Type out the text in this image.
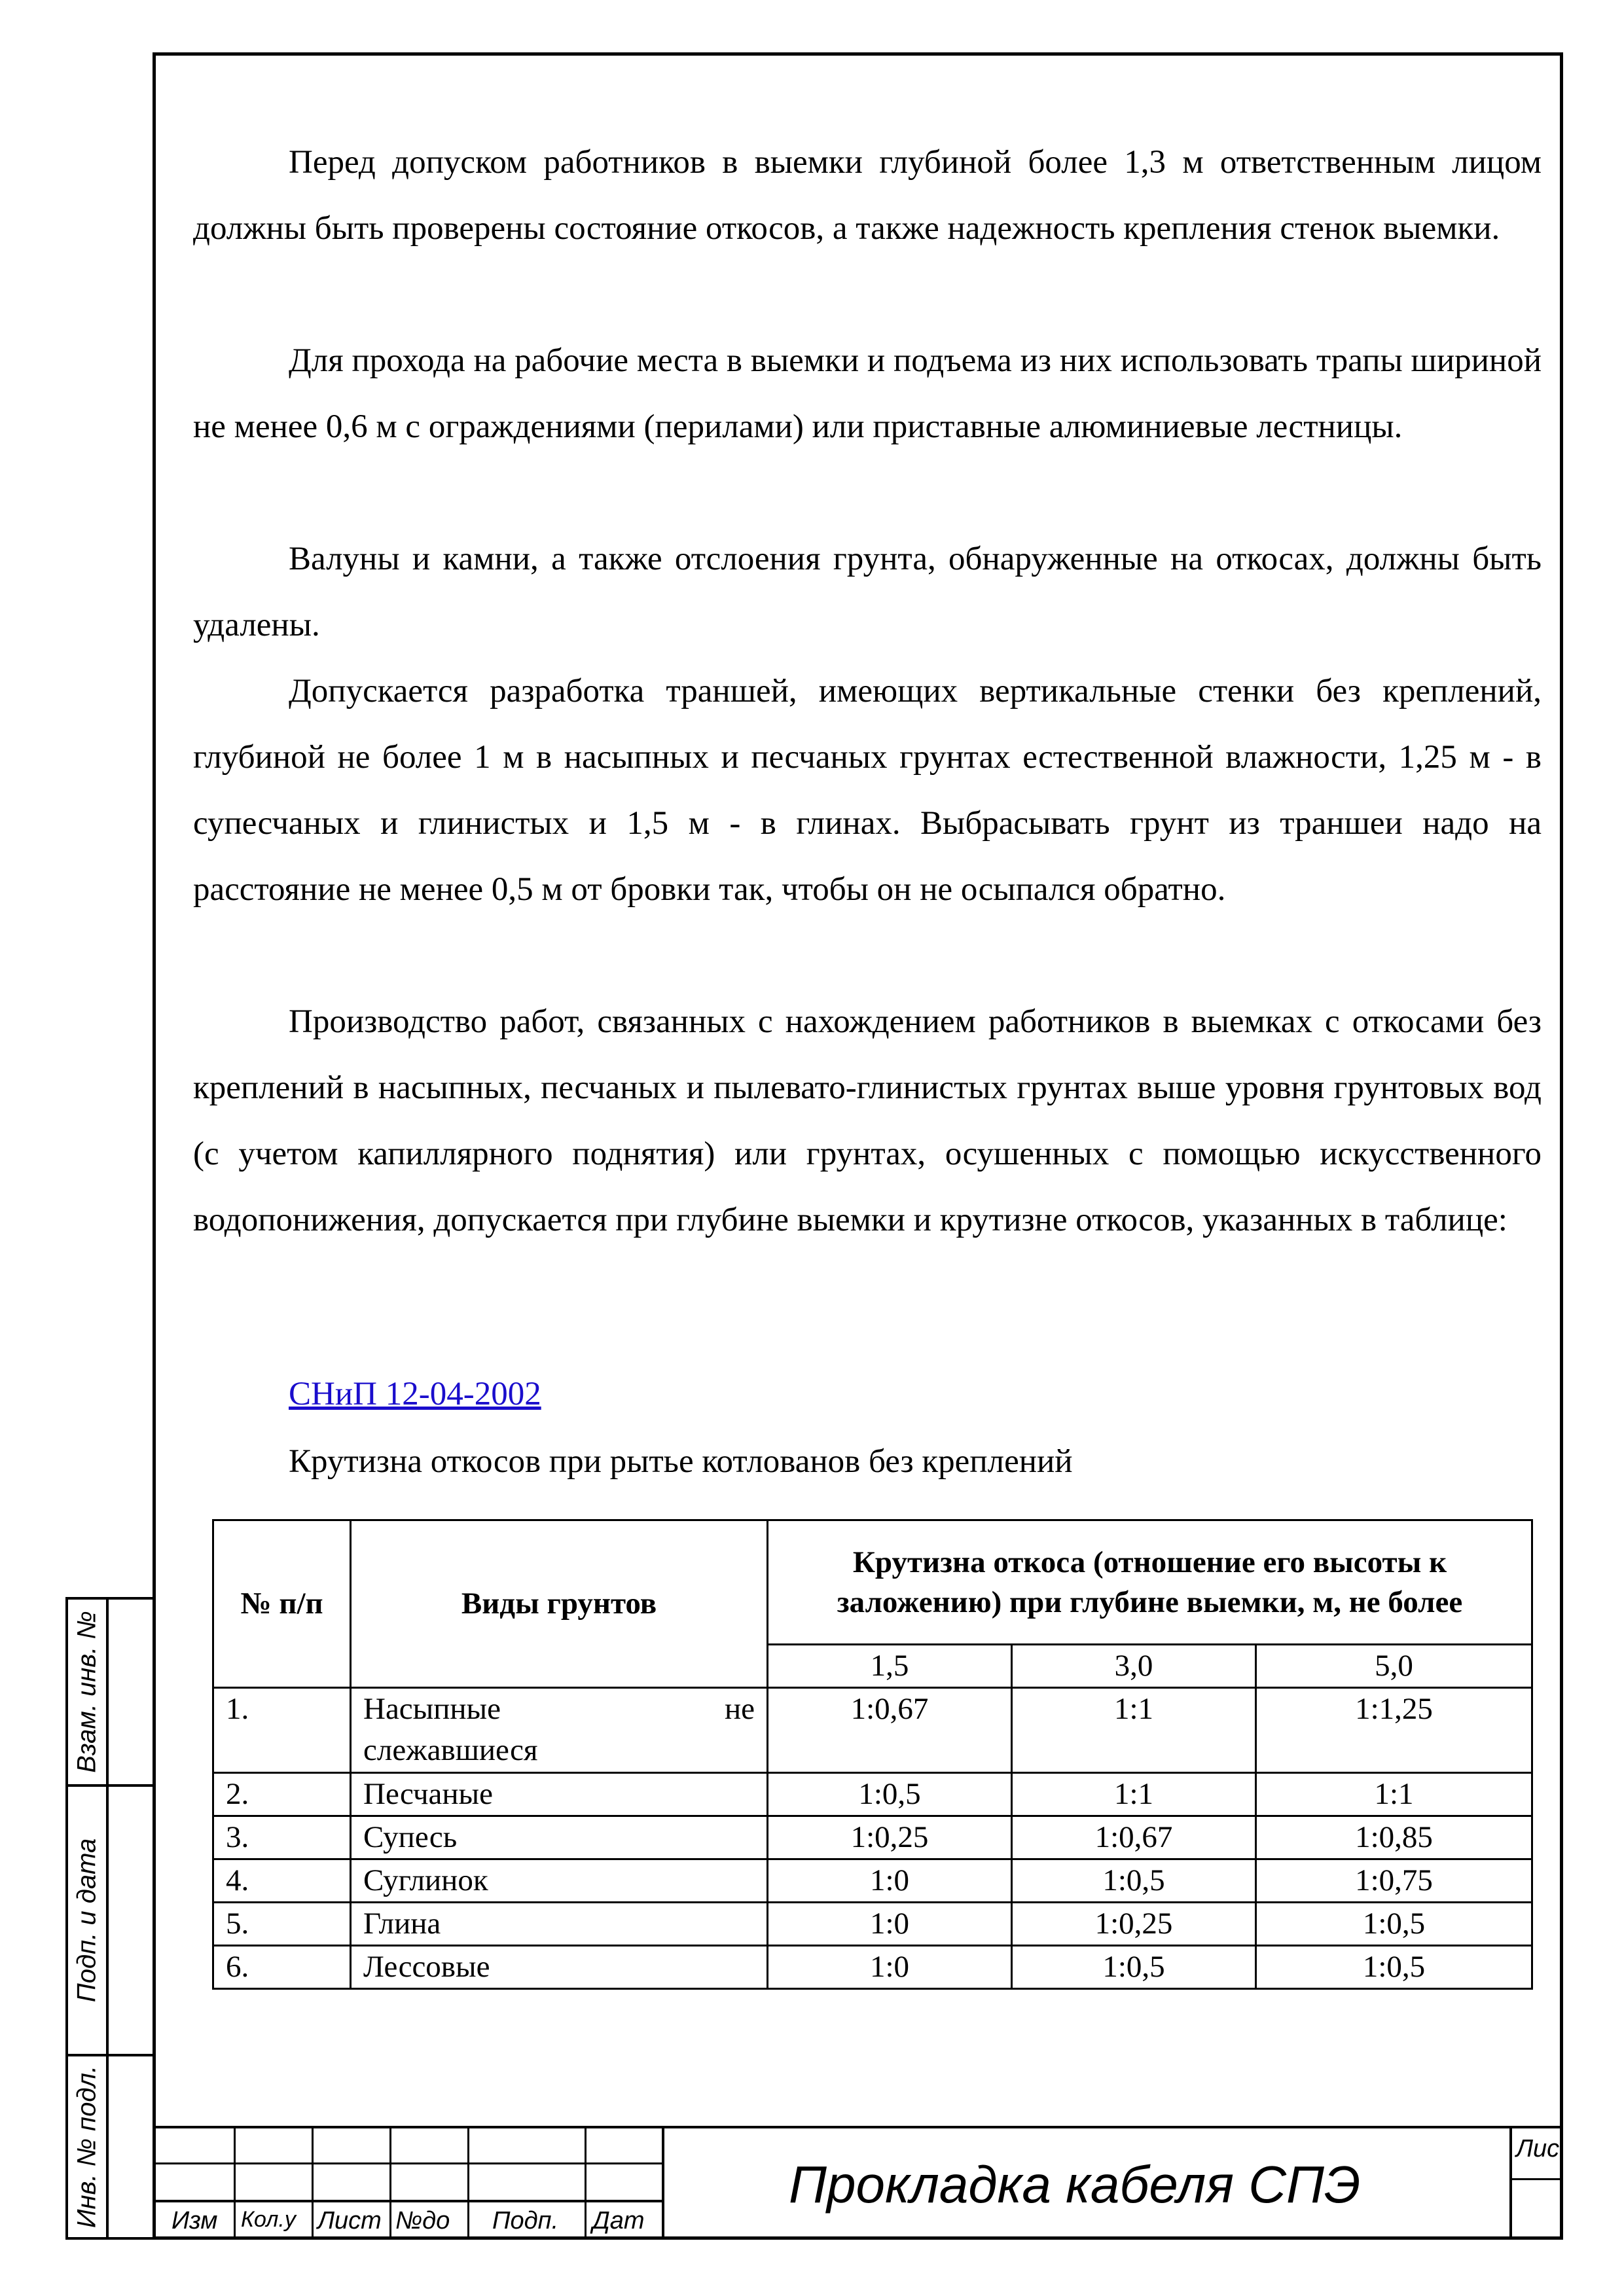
Перед допуском работников в выемки глубиной более 1,3 м ответственным лицом должны быть проверены состояние откосов, а также надежность крепления стенок выемки.

Для прохода на рабочие места в выемки и подъема из них использовать трапы шириной не менее 0,6 м с ограждениями (перилами) или приставные алюминиевые лестницы.

Валуны и камни, а также отслоения грунта, обнаруженные на откосах, должны быть удалены.

Допускается разработка траншей, имеющих вертикальные стенки без креплений, глубиной не более 1 м в насыпных и песчаных грунтах естественной влажности, 1,25 м - в супесчаных и глинистых и 1,5 м - в глинах. Выбрасывать грунт из траншеи надо на расстояние не менее 0,5 м от бровки так, чтобы он не осыпался обратно.

Производство работ, связанных с нахождением работников в выемках с откосами без креплений в насыпных, песчаных и пылевато-глинистых грунтах выше уровня грунтовых вод (с учетом капиллярного поднятия) или грунтах, осушенных с помощью искусственного водопонижения, допускается при глубине выемки и крутизне откосов, указанных в таблице:

СНиП 12-04-2002
Крутизна откосов при рытье котлованов без креплений
№ п/п	Виды грунтов	Крутизна откоса (отношение его высоты к заложению) при глубине выемки, м, не более		
		1,5	3,0	5,0
1.	Насыпные не
слежавшиеся	1:0,67	1:1	1:1,25
2.	Песчаные	1:0,5	1:1	1:1
3.	Супесь	1:0,25	1:0,67	1:0,85
4.	Суглинок	1:0	1:0,5	1:0,75
5.	Глина	1:0	1:0,25	1:0,5
6.	Лессовые	1:0	1:0,5	1:0,5
Взам. инв. №
Подп. и дата
Инв. № подл.	Изм Кол.у Лист №до Подп. Дат
Прокладка кабеля СПЭ
Лис
